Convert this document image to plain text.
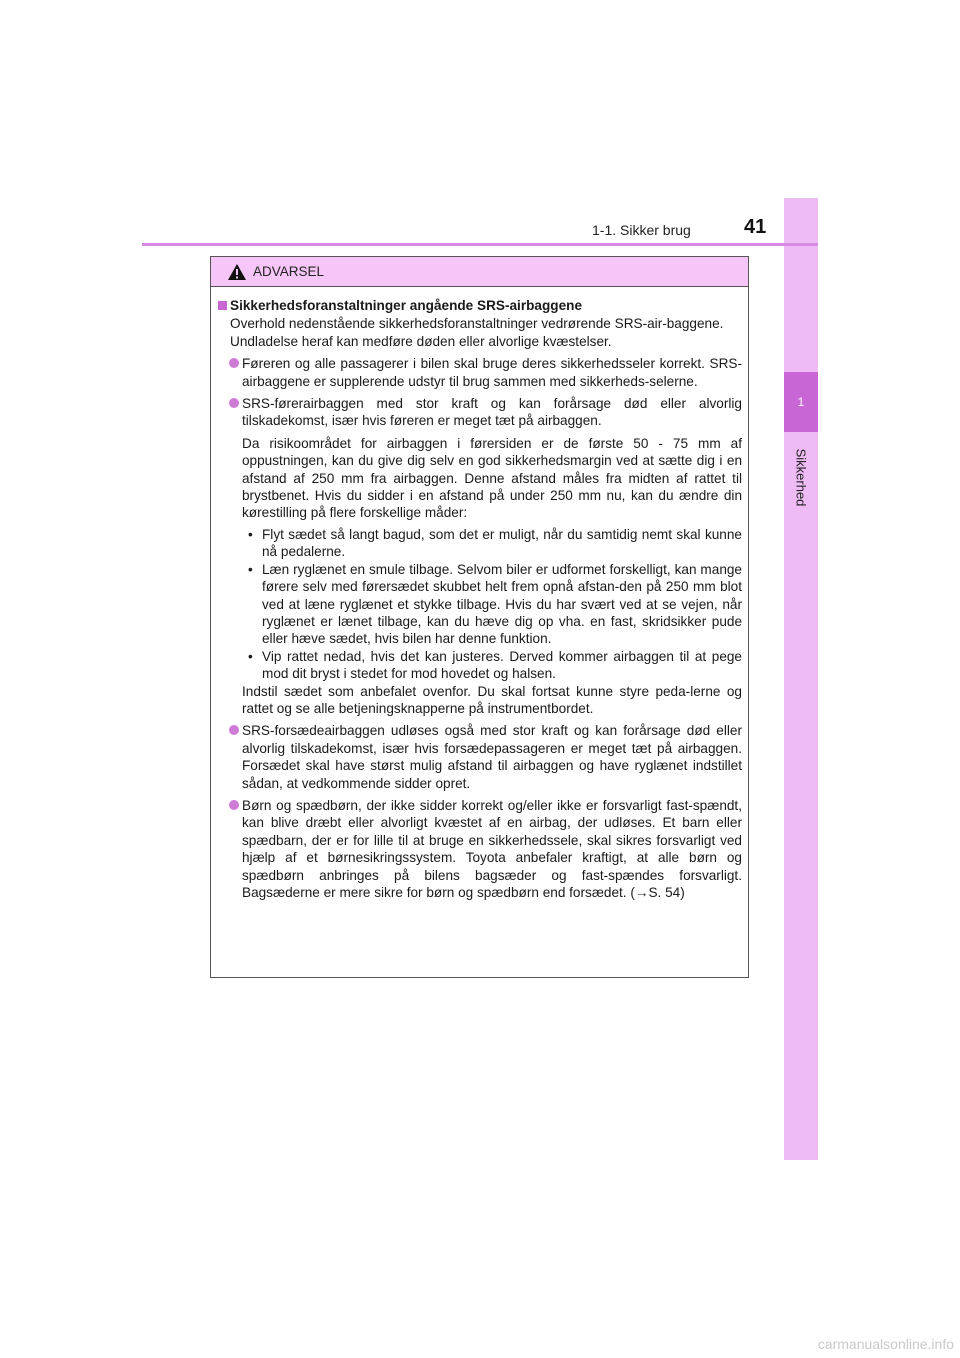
1
Sikkerhed
1-1. Sikker brug	41
ADVARSEL
Sikkerhedsforanstaltninger angående SRS-airbaggene
Overhold nedenstående sikkerhedsforanstaltninger vedrørende SRS-air-baggene.
Undladelse heraf kan medføre døden eller alvorlige kvæstelser.
Føreren og alle passagerer i bilen skal bruge deres sikkerhedsseler korrekt. SRS-airbaggene er supplerende udstyr til brug sammen med sikkerheds-selerne.
SRS-førerairbaggen med stor kraft og kan forårsage død eller alvorlig tilskadekomst, især hvis føreren er meget tæt på airbaggen.
Da risikoområdet for airbaggen i førersiden er de første 50 - 75 mm af oppustningen, kan du give dig selv en god sikkerhedsmargin ved at sætte dig i en afstand af 250 mm fra airbaggen. Denne afstand måles fra midten af rattet til brystbenet. Hvis du sidder i en afstand på under 250 mm nu, kan du ændre din kørestilling på flere forskellige måder:
• Flyt sædet så langt bagud, som det er muligt, når du samtidig nemt skal kunne nå pedalerne.
• Læn ryglænet en smule tilbage. Selvom biler er udformet forskelligt, kan mange førere selv med førersædet skubbet helt frem opnå afstan-den på 250 mm blot ved at læne ryglænet et stykke tilbage. Hvis du har svært ved at se vejen, når ryglænet er lænet tilbage, kan du hæve dig op vha. en fast, skridsikker pude eller hæve sædet, hvis bilen har denne funktion.
• Vip rattet nedad, hvis det kan justeres. Derved kommer airbaggen til at pege mod dit bryst i stedet for mod hovedet og halsen.
Indstil sædet som anbefalet ovenfor. Du skal fortsat kunne styre peda-lerne og rattet og se alle betjeningsknapperne på instrumentbordet.
SRS-forsædeairbaggen udløses også med stor kraft og kan forårsage død eller alvorlig tilskadekomst, især hvis forsædepassageren er meget tæt på airbaggen. Forsædet skal have størst mulig afstand til airbaggen og have ryglænet indstillet sådan, at vedkommende sidder opret.
Børn og spædbørn, der ikke sidder korrekt og/eller ikke er forsvarligt fast-spændt, kan blive dræbt eller alvorligt kvæstet af en airbag, der udløses. Et barn eller spædbarn, der er for lille til at bruge en sikkerhedssele, skal sikres forsvarligt ved hjælp af et børnesikringssystem. Toyota anbefaler kraftigt, at alle børn og spædbørn anbringes på bilens bagsæder og fast-spændes forsvarligt. Bagsæderne er mere sikre for børn og spædbørn end forsædet. (→S. 54)
carmanualsonline.info
